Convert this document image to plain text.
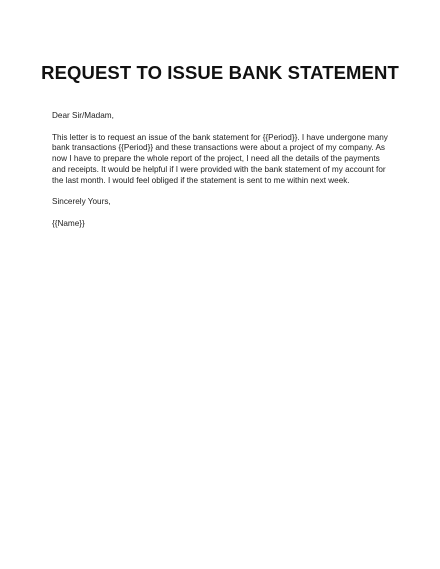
REQUEST TO ISSUE BANK STATEMENT

Dear Sir/Madam,

This letter is to request an issue of the bank statement for {{Period}}. I have undergone many bank transactions {{Period}} and these transactions were about a project of my company. As now I have to prepare the whole report of the project, I need all the details of the payments and receipts. It would be helpful if I were provided with the bank statement of my account for the last month. I would feel obliged if the statement is sent to me within next week.

Sincerely Yours,

{{Name}}
